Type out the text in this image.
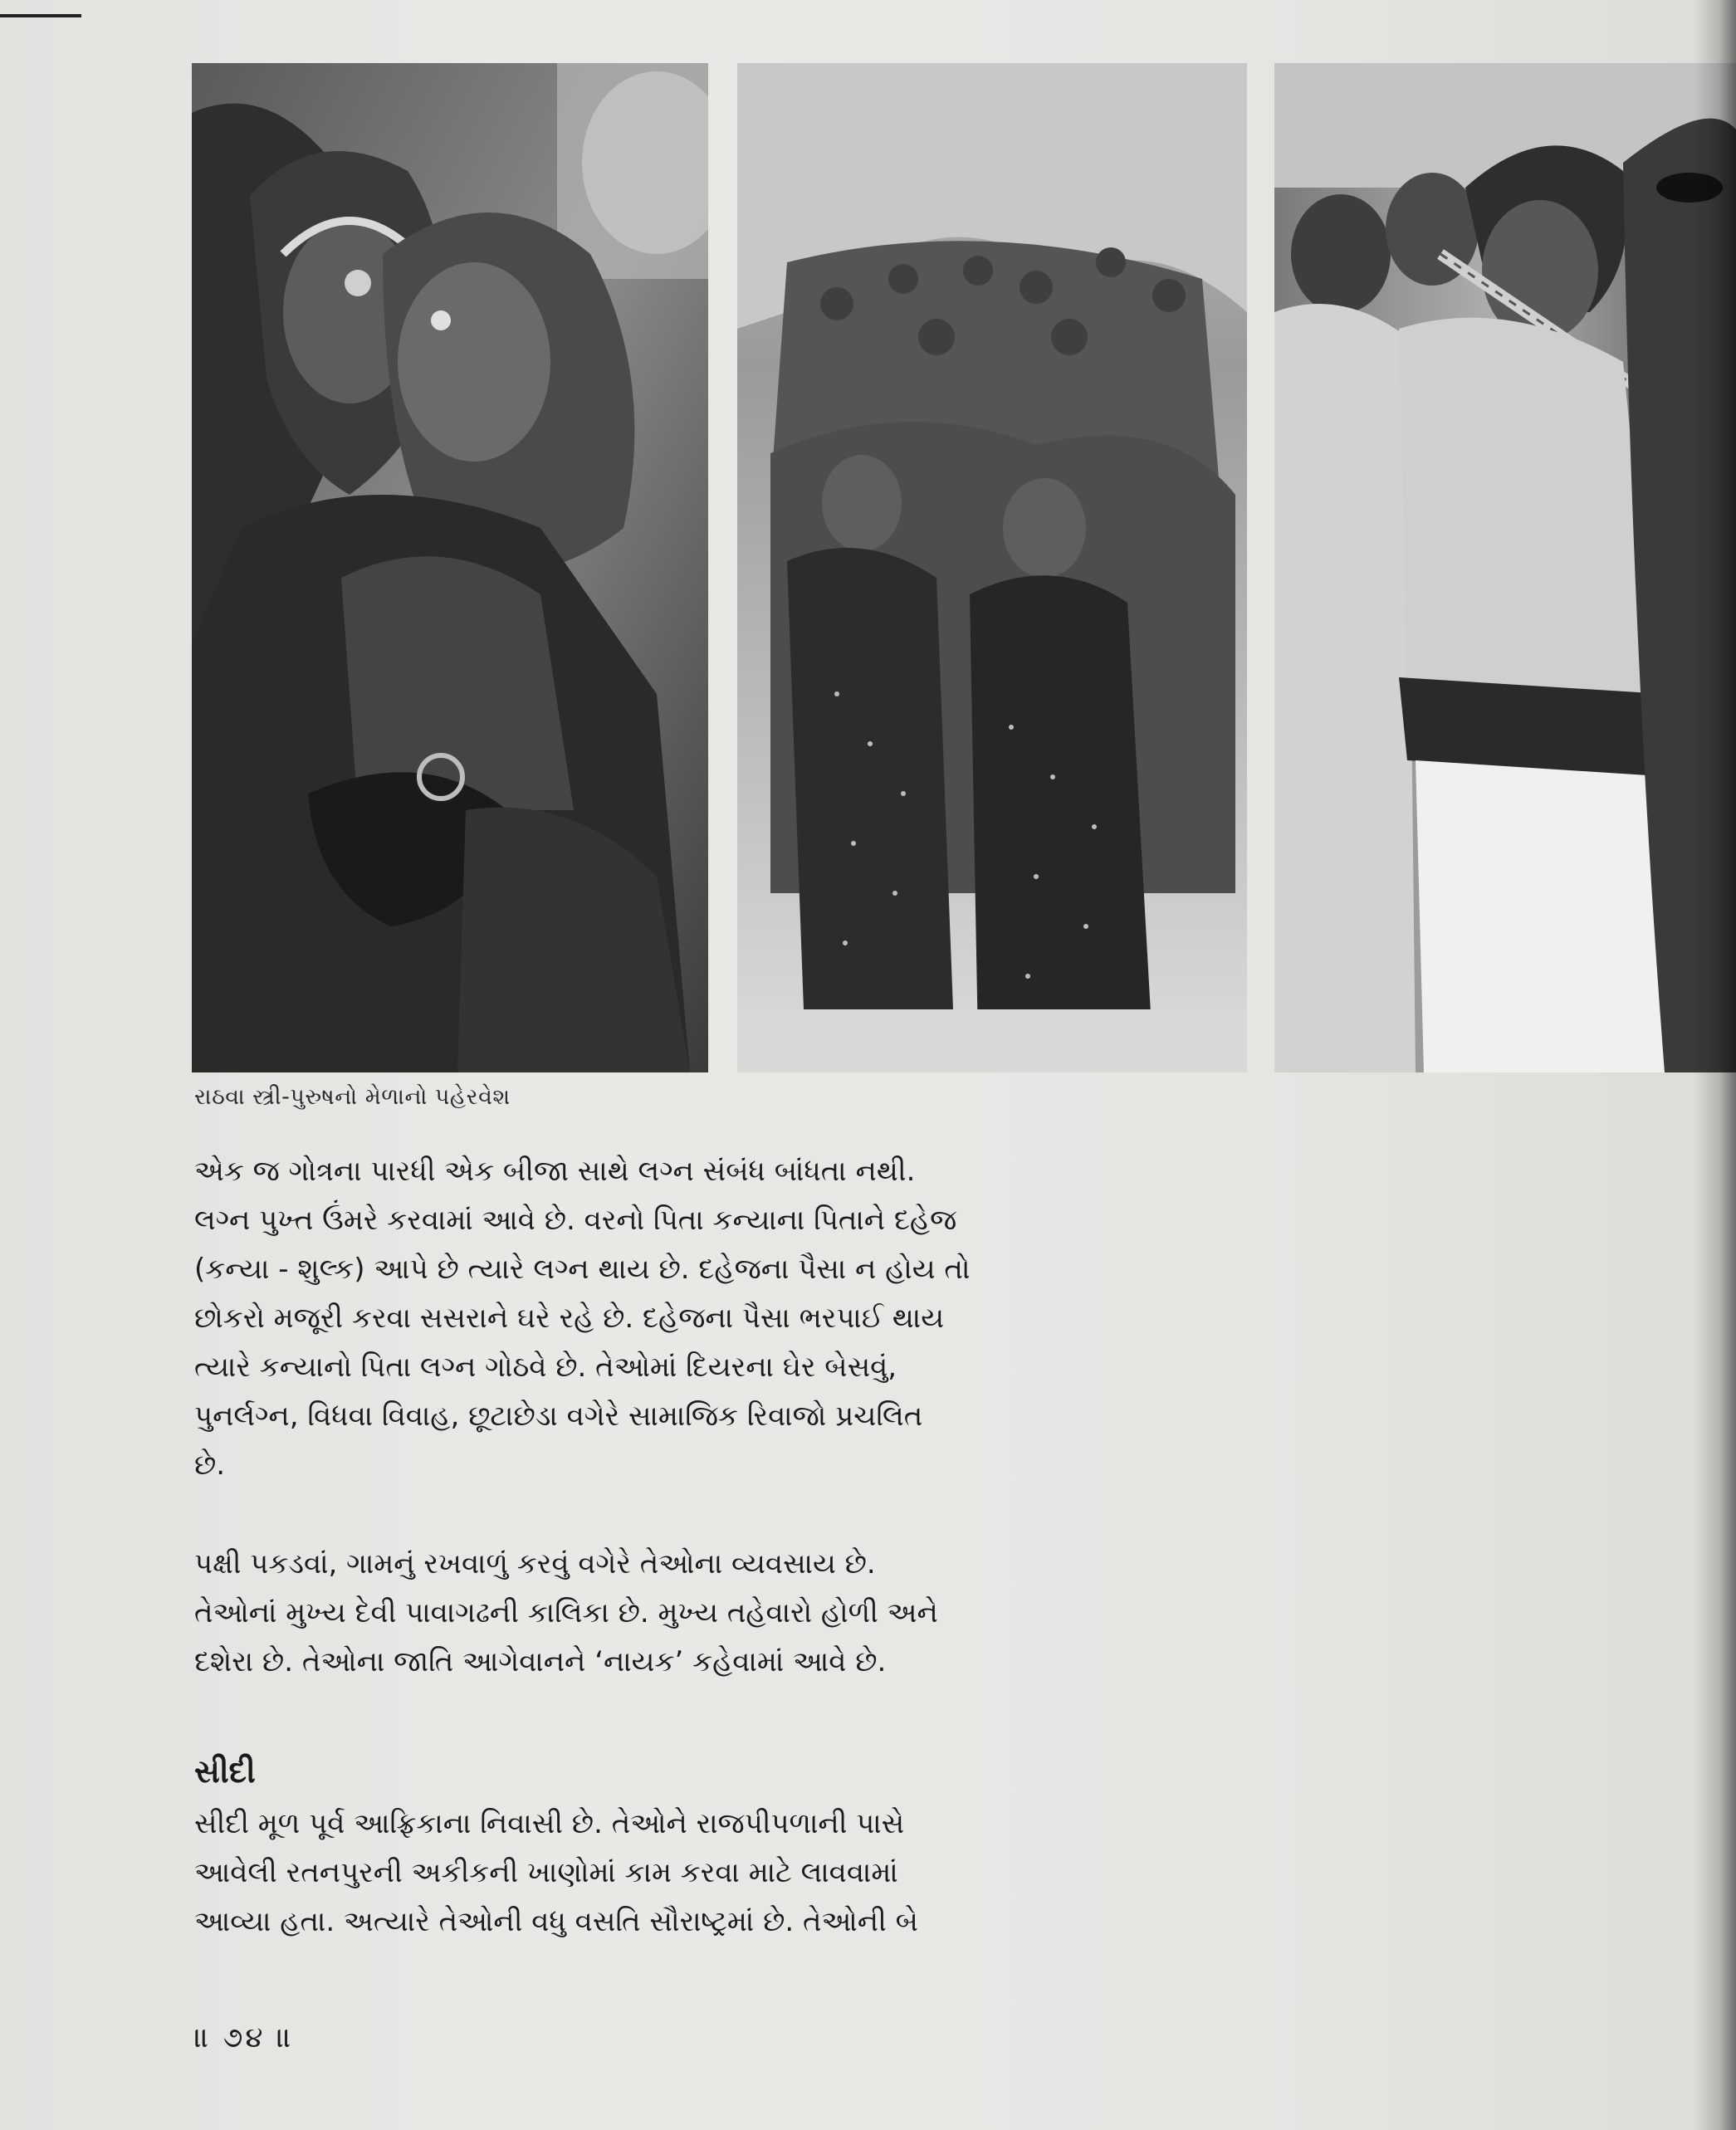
રાઠવા સ્ત્રી-પુરુષનો મેળાનો પહેરવેશ
એક જ ગોત્રના પારધી એક બીજા સાથે લગ્ન સંબંધ બાંધતા નથી.
લગ્ન પુખ્ત ઉંમરે કરવામાં આવે છે. વરનો પિતા કન્યાના પિતાને દહેજ
(કન્યા - શુલ્ક) આપે છે ત્યારે લગ્ન થાય છે. દહેજના પૈસા ન હોય તો
છોકરો મજૂરી કરવા સસરાને ઘરે રહે છે. દહેજના પૈસા ભરપાઈ થાય
ત્યારે કન્યાનો પિતા લગ્ન ગોઠવે છે. તેઓમાં દિયરના ઘેર બેસવું,
પુનર્લગ્ન, વિધવા વિવાહ, છૂટાછેડા વગેરે સામાજિક રિવાજો પ્રચલિત
છે.
પક્ષી પકડવાં, ગામનું રખવાળું કરવું વગેરે તેઓના વ્યવસાય છે.
તેઓનાં મુખ્ય દેવી પાવાગઢની કાલિકા છે. મુખ્ય તહેવારો હોળી અને
દશેરા છે. તેઓના જાતિ આગેવાનને ‘નાયક’ કહેવામાં આવે છે.
સીદી
સીદી મૂળ પૂર્વ આફ્રિકાના નિવાસી છે. તેઓને રાજપીપળાની પાસે
આવેલી રતનપુરની અકીકની ખાણોમાં કામ કરવા માટે લાવવામાં
આવ્યા હતા. અત્યારે તેઓની વધુ વસતિ સૌરાષ્ટ્રમાં છે. તેઓની બે
॥ ૭૪ ॥
